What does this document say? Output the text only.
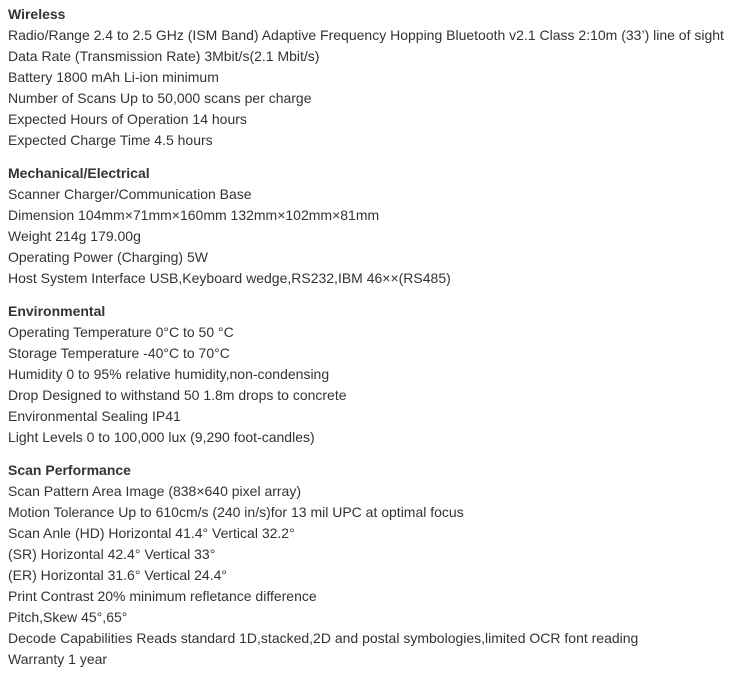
Wireless
Radio/Range 2.4 to 2.5 GHz (ISM Band) Adaptive Frequency Hopping Bluetooth v2.1 Class 2:10m (33’) line of sight
Data Rate (Transmission Rate) 3Mbit/s(2.1 Mbit/s)
Battery 1800 mAh Li-ion minimum
Number of Scans Up to 50,000 scans per charge
Expected Hours of Operation 14 hours
Expected Charge Time 4.5 hours
Mechanical/Electrical
Scanner Charger/Communication Base
Dimension 104mm×71mm×160mm 132mm×102mm×81mm
Weight 214g 179.00g
Operating Power (Charging) 5W
Host System Interface USB,Keyboard wedge,RS232,IBM 46××(RS485)
Environmental
Operating Temperature 0°C to 50 °C
Storage Temperature -40°C to 70°C
Humidity 0 to 95% relative humidity,non-condensing
Drop Designed to withstand 50 1.8m drops to concrete
Environmental Sealing IP41
Light Levels 0 to 100,000 lux (9,290 foot-candles)
Scan Performance
Scan Pattern Area Image (838×640 pixel array)
Motion Tolerance Up to 610cm/s (240 in/s)for 13 mil UPC at optimal focus
Scan Anle (HD) Horizontal 41.4° Vertical 32.2°
(SR) Horizontal 42.4° Vertical 33°
(ER) Horizontal 31.6° Vertical 24.4°
Print Contrast 20% minimum refletance difference
Pitch,Skew 45°,65°
Decode Capabilities Reads standard 1D,stacked,2D and postal symbologies,limited OCR font reading
Warranty 1 year
